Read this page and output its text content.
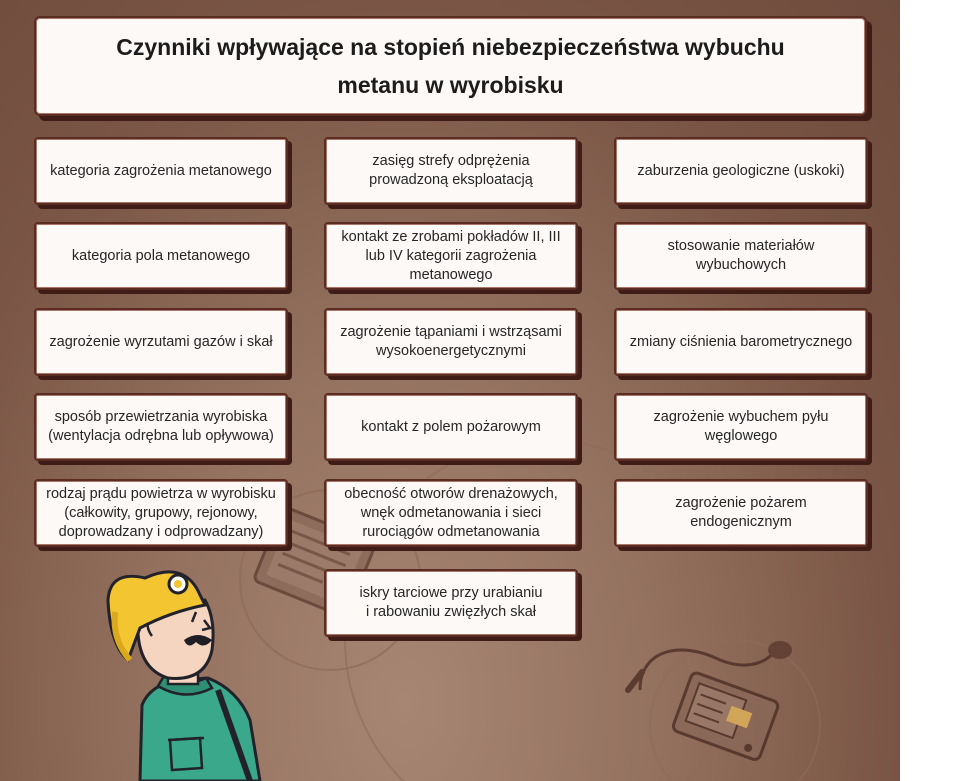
Czynniki wpływające na stopień niebezpieczeństwa wybuchu
metanu w wyrobisku
kategoria zagrożenia metanowego
kategoria pola metanowego
zagrożenie wyrzutami gazów i skał
sposób przewietrzania wyrobiska
(wentylacja odrębna lub opływowa)
rodzaj prądu powietrza w wyrobisku
(całkowity, grupowy, rejonowy,
doprowadzany i odprowadzany)
zasięg strefy odprężenia
prowadzoną eksploatacją
kontakt ze zrobami pokładów II, III
lub IV kategorii zagrożenia metanowego
zagrożenie tąpaniami i wstrząsami
wysokoenergetycznymi
kontakt z polem pożarowym
obecność otworów drenażowych,
wnęk odmetanowania i sieci
rurociągów odmetanowania
iskry tarciowe przy urabianiu
i rabowaniu zwięzłych skał
zaburzenia geologiczne (uskoki)
stosowanie materiałów wybuchowych
zmiany ciśnienia barometrycznego
zagrożenie wybuchem pyłu węglowego
zagrożenie pożarem endogenicznym
